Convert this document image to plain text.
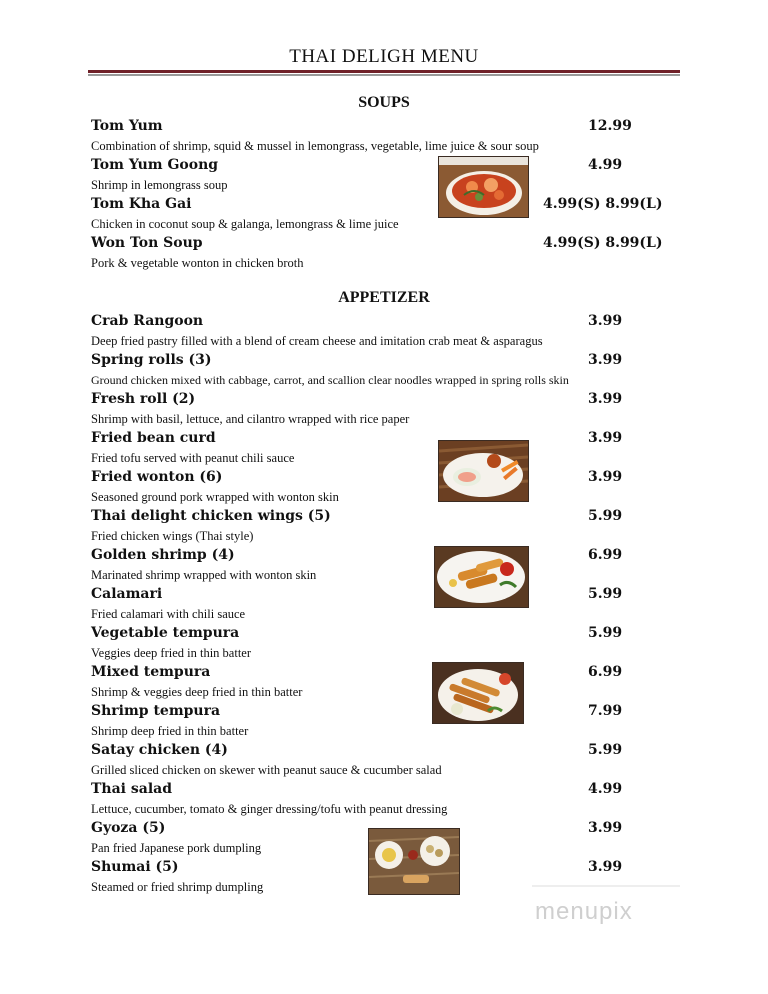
THAI DELIGH MENU
SOUPS
Tom Yum	12.99
Combination of shrimp, squid & mussel in lemongrass, vegetable, lime juice & sour soup
Tom Yum Goong	4.99
Shrimp in lemongrass soup
Tom Kha Gai	4.99(S) 8.99(L)
Chicken in coconut soup & galanga, lemongrass & lime juice
Won Ton Soup	4.99(S) 8.99(L)
Pork & vegetable wonton in chicken broth
APPETIZER
Crab Rangoon	3.99
Deep fried pastry filled with a blend of cream cheese and imitation crab meat & asparagus
Spring rolls (3)	3.99
Ground chicken mixed with cabbage, carrot, and scallion clear noodles wrapped in spring rolls skin
Fresh roll (2)	3.99
Shrimp with basil, lettuce, and cilantro wrapped with rice paper
Fried bean curd	3.99
Fried tofu served with peanut chili sauce
Fried wonton (6)	3.99
Seasoned ground pork wrapped with wonton skin
Thai delight chicken wings (5)	5.99
Fried chicken wings (Thai style)
Golden shrimp (4)	6.99
Marinated shrimp wrapped with wonton skin
Calamari	5.99
Fried calamari with chili sauce
Vegetable tempura	5.99
Veggies deep fried in thin batter
Mixed tempura	6.99
Shrimp & veggies deep fried in thin batter
Shrimp tempura	7.99
Shrimp deep fried in thin batter
Satay chicken (4)	5.99
Grilled sliced chicken on skewer with peanut sauce & cucumber salad
Thai salad	4.99
Lettuce, cucumber, tomato & ginger dressing/tofu with peanut dressing
Gyoza (5)	3.99
Pan fried Japanese pork dumpling
Shumai (5)	3.99
Steamed or fried shrimp dumpling
menupix
